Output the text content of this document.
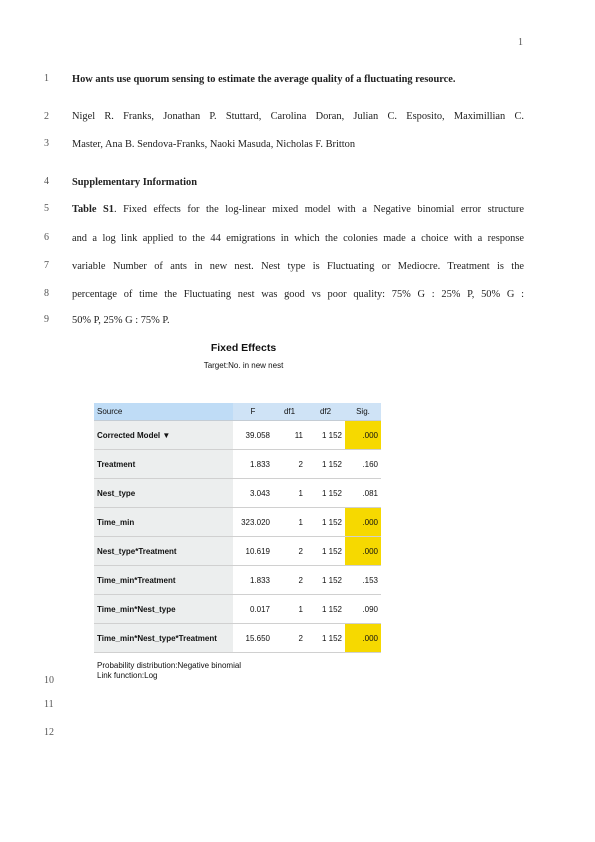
1
1
2
3
4
5
6
7
8
9
10
11
12
How ants use quorum sensing to estimate the average quality of a fluctuating resource.
Nigel R. Franks, Jonathan P. Stuttard, Carolina Doran, Julian C. Esposito, Maximillian C.
Master, Ana B. Sendova-Franks, Naoki Masuda, Nicholas F. Britton
Supplementary Information
Table S1. Fixed effects for the log-linear mixed model with a Negative binomial error structure
and a log link applied to the 44 emigrations in which the colonies made a choice with a response
variable Number of ants in new nest. Nest type is Fluctuating or Mediocre. Treatment is the
percentage of time the Fluctuating nest was good vs poor quality: 75% G : 25% P, 50% G :
50% P, 25% G : 75% P.
Fixed Effects
Target:No. in new nest
Source	F	df1	df2	Sig.
Corrected Model ▼	39.058	11	1 152	.000
Treatment	1.833	2	1 152	.160
Nest_type	3.043	1	1 152	.081
Time_min	323.020	1	1 152	.000
Nest_type*Treatment	10.619	2	1 152	.000
Time_min*Treatment	1.833	2	1 152	.153
Time_min*Nest_type	0.017	1	1 152	.090
Time_min*Nest_type*Treatment	15.650	2	1 152	.000
Probability distribution:Negative binomial
Link function:Log
